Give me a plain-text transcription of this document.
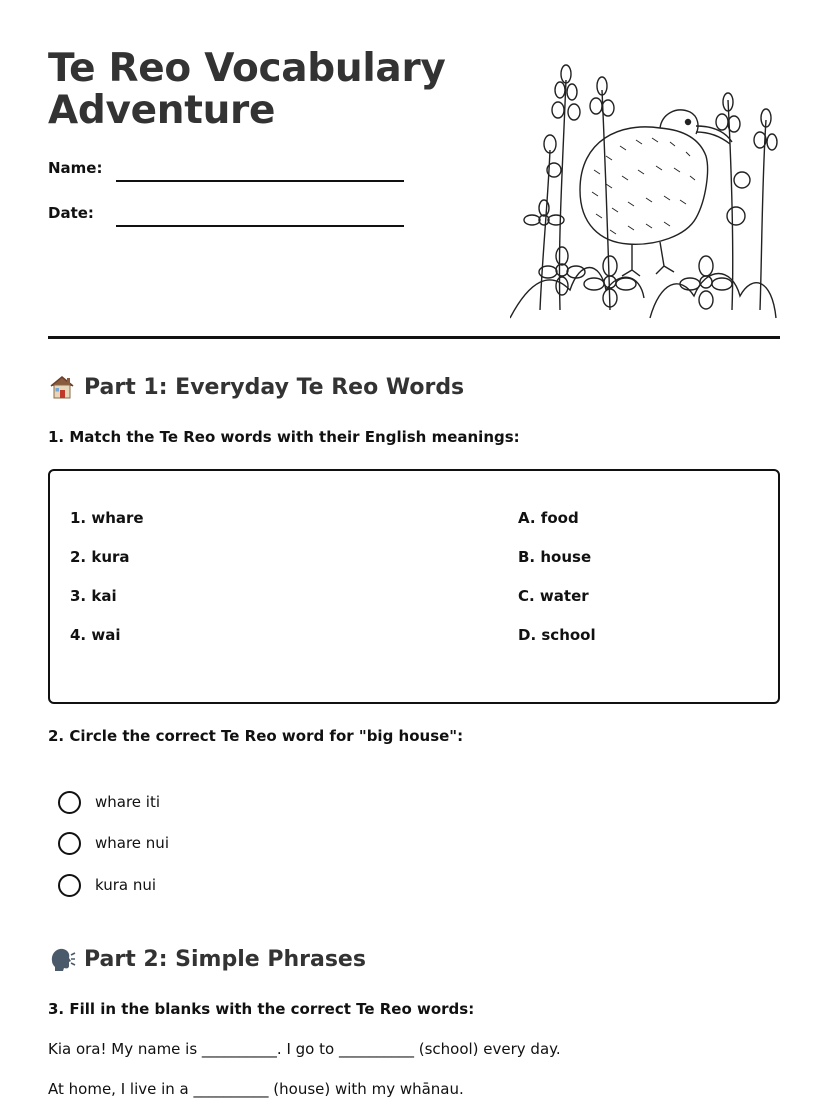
Te Reo Vocabulary Adventure
Name:
Date:
Part 1: Everyday Te Reo Words
1. Match the Te Reo words with their English meanings:
1. whare
2. kura
3. kai
4. wai
A. food
B. house
C. water
D. school
2. Circle the correct Te Reo word for "big house":
whare iti
whare nui
kura nui
Part 2: Simple Phrases
3. Fill in the blanks with the correct Te Reo words:
Kia ora! My name is __________. I go to __________ (school) every day.
At home, I live in a __________ (house) with my whānau.
